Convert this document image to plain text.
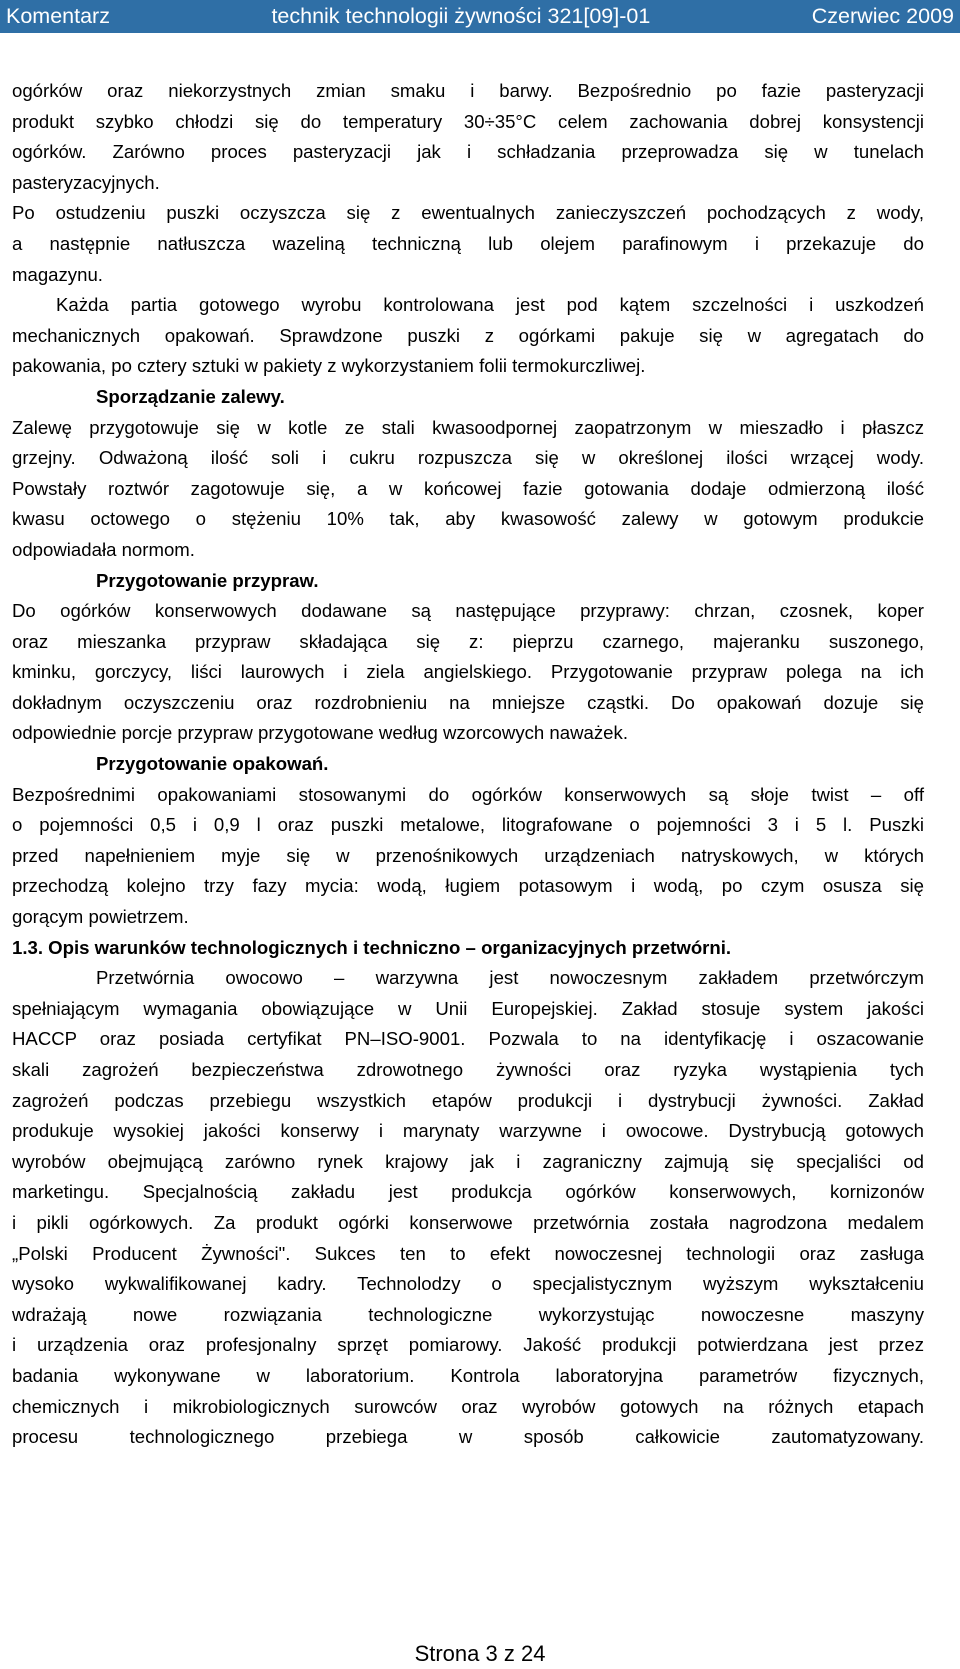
Komentarz	technik technologii żywności 321[09]-01	Czerwiec 2009

ogórków oraz niekorzystnych zmian smaku i barwy. Bezpośrednio po fazie pasteryzacji

produkt szybko chłodzi się do temperatury 30÷35°C celem zachowania dobrej konsystencji

ogórków. Zarówno proces pasteryzacji jak i schładzania przeprowadza się w tunelach

pasteryzacyjnych.

Po ostudzeniu puszki oczyszcza się z ewentualnych zanieczyszczeń pochodzących z wody,

a następnie natłuszcza wazeliną techniczną lub olejem parafinowym i przekazuje do

magazynu.

Każda partia gotowego wyrobu kontrolowana jest pod kątem szczelności i uszkodzeń

mechanicznych opakowań. Sprawdzone puszki z ogórkami pakuje się w agregatach do

pakowania, po cztery sztuki w pakiety z wykorzystaniem folii termokurczliwej.

Sporządzanie zalewy.

Zalewę przygotowuje się w kotle ze stali kwasoodpornej zaopatrzonym w mieszadło i płaszcz

grzejny. Odważoną ilość soli i cukru rozpuszcza się w określonej ilości wrzącej wody.

Powstały roztwór zagotowuje się, a w końcowej fazie gotowania dodaje odmierzoną ilość

kwasu octowego o stężeniu 10% tak, aby kwasowość zalewy w gotowym produkcie

odpowiadała normom.

Przygotowanie przypraw.

Do ogórków konserwowych dodawane są następujące przyprawy: chrzan, czosnek, koper

oraz mieszanka przypraw składająca się z: pieprzu czarnego, majeranku suszonego,

kminku, gorczycy, liści laurowych i ziela angielskiego. Przygotowanie przypraw polega na ich

dokładnym oczyszczeniu oraz rozdrobnieniu na mniejsze cząstki. Do opakowań dozuje się

odpowiednie porcje przypraw przygotowane według wzorcowych naważek.

Przygotowanie opakowań.

Bezpośrednimi opakowaniami stosowanymi do ogórków konserwowych są słoje twist – off

o pojemności 0,5 i 0,9 l oraz puszki metalowe, litografowane o pojemności 3 i 5 l. Puszki

przed napełnieniem myje się w przenośnikowych urządzeniach natryskowych, w których

przechodzą kolejno trzy fazy mycia: wodą, ługiem potasowym i wodą, po czym osusza się

gorącym powietrzem.

1.3. Opis warunków technologicznych i techniczno – organizacyjnych przetwórni.

Przetwórnia owocowo – warzywna jest nowoczesnym zakładem przetwórczym

spełniającym wymagania obowiązujące w Unii Europejskiej. Zakład stosuje system jakości

HACCP oraz posiada certyfikat PN–ISO-9001. Pozwala to na identyfikację i oszacowanie

skali zagrożeń bezpieczeństwa zdrowotnego żywności oraz ryzyka wystąpienia tych

zagrożeń podczas przebiegu wszystkich etapów produkcji i dystrybucji żywności. Zakład

produkuje wysokiej jakości konserwy i marynaty warzywne i owocowe. Dystrybucją gotowych

wyrobów obejmującą zarówno rynek krajowy jak i zagraniczny zajmują się specjaliści od

marketingu. Specjalnością zakładu jest produkcja ogórków konserwowych, kornizonów

i pikli ogórkowych. Za produkt ogórki konserwowe przetwórnia została nagrodzona medalem

„Polski Producent Żywności". Sukces ten to efekt nowoczesnej technologii oraz zasługa

wysoko wykwalifikowanej kadry. Technolodzy o specjalistycznym wyższym wykształceniu

wdrażają nowe rozwiązania technologiczne wykorzystując nowoczesne maszyny

i urządzenia oraz profesjonalny sprzęt pomiarowy. Jakość produkcji potwierdzana jest przez

badania wykonywane w laboratorium. Kontrola laboratoryjna parametrów fizycznych,

chemicznych i mikrobiologicznych surowców oraz wyrobów gotowych na różnych etapach

procesu technologicznego przebiega w sposób całkowicie zautomatyzowany.

Strona 3 z 24
